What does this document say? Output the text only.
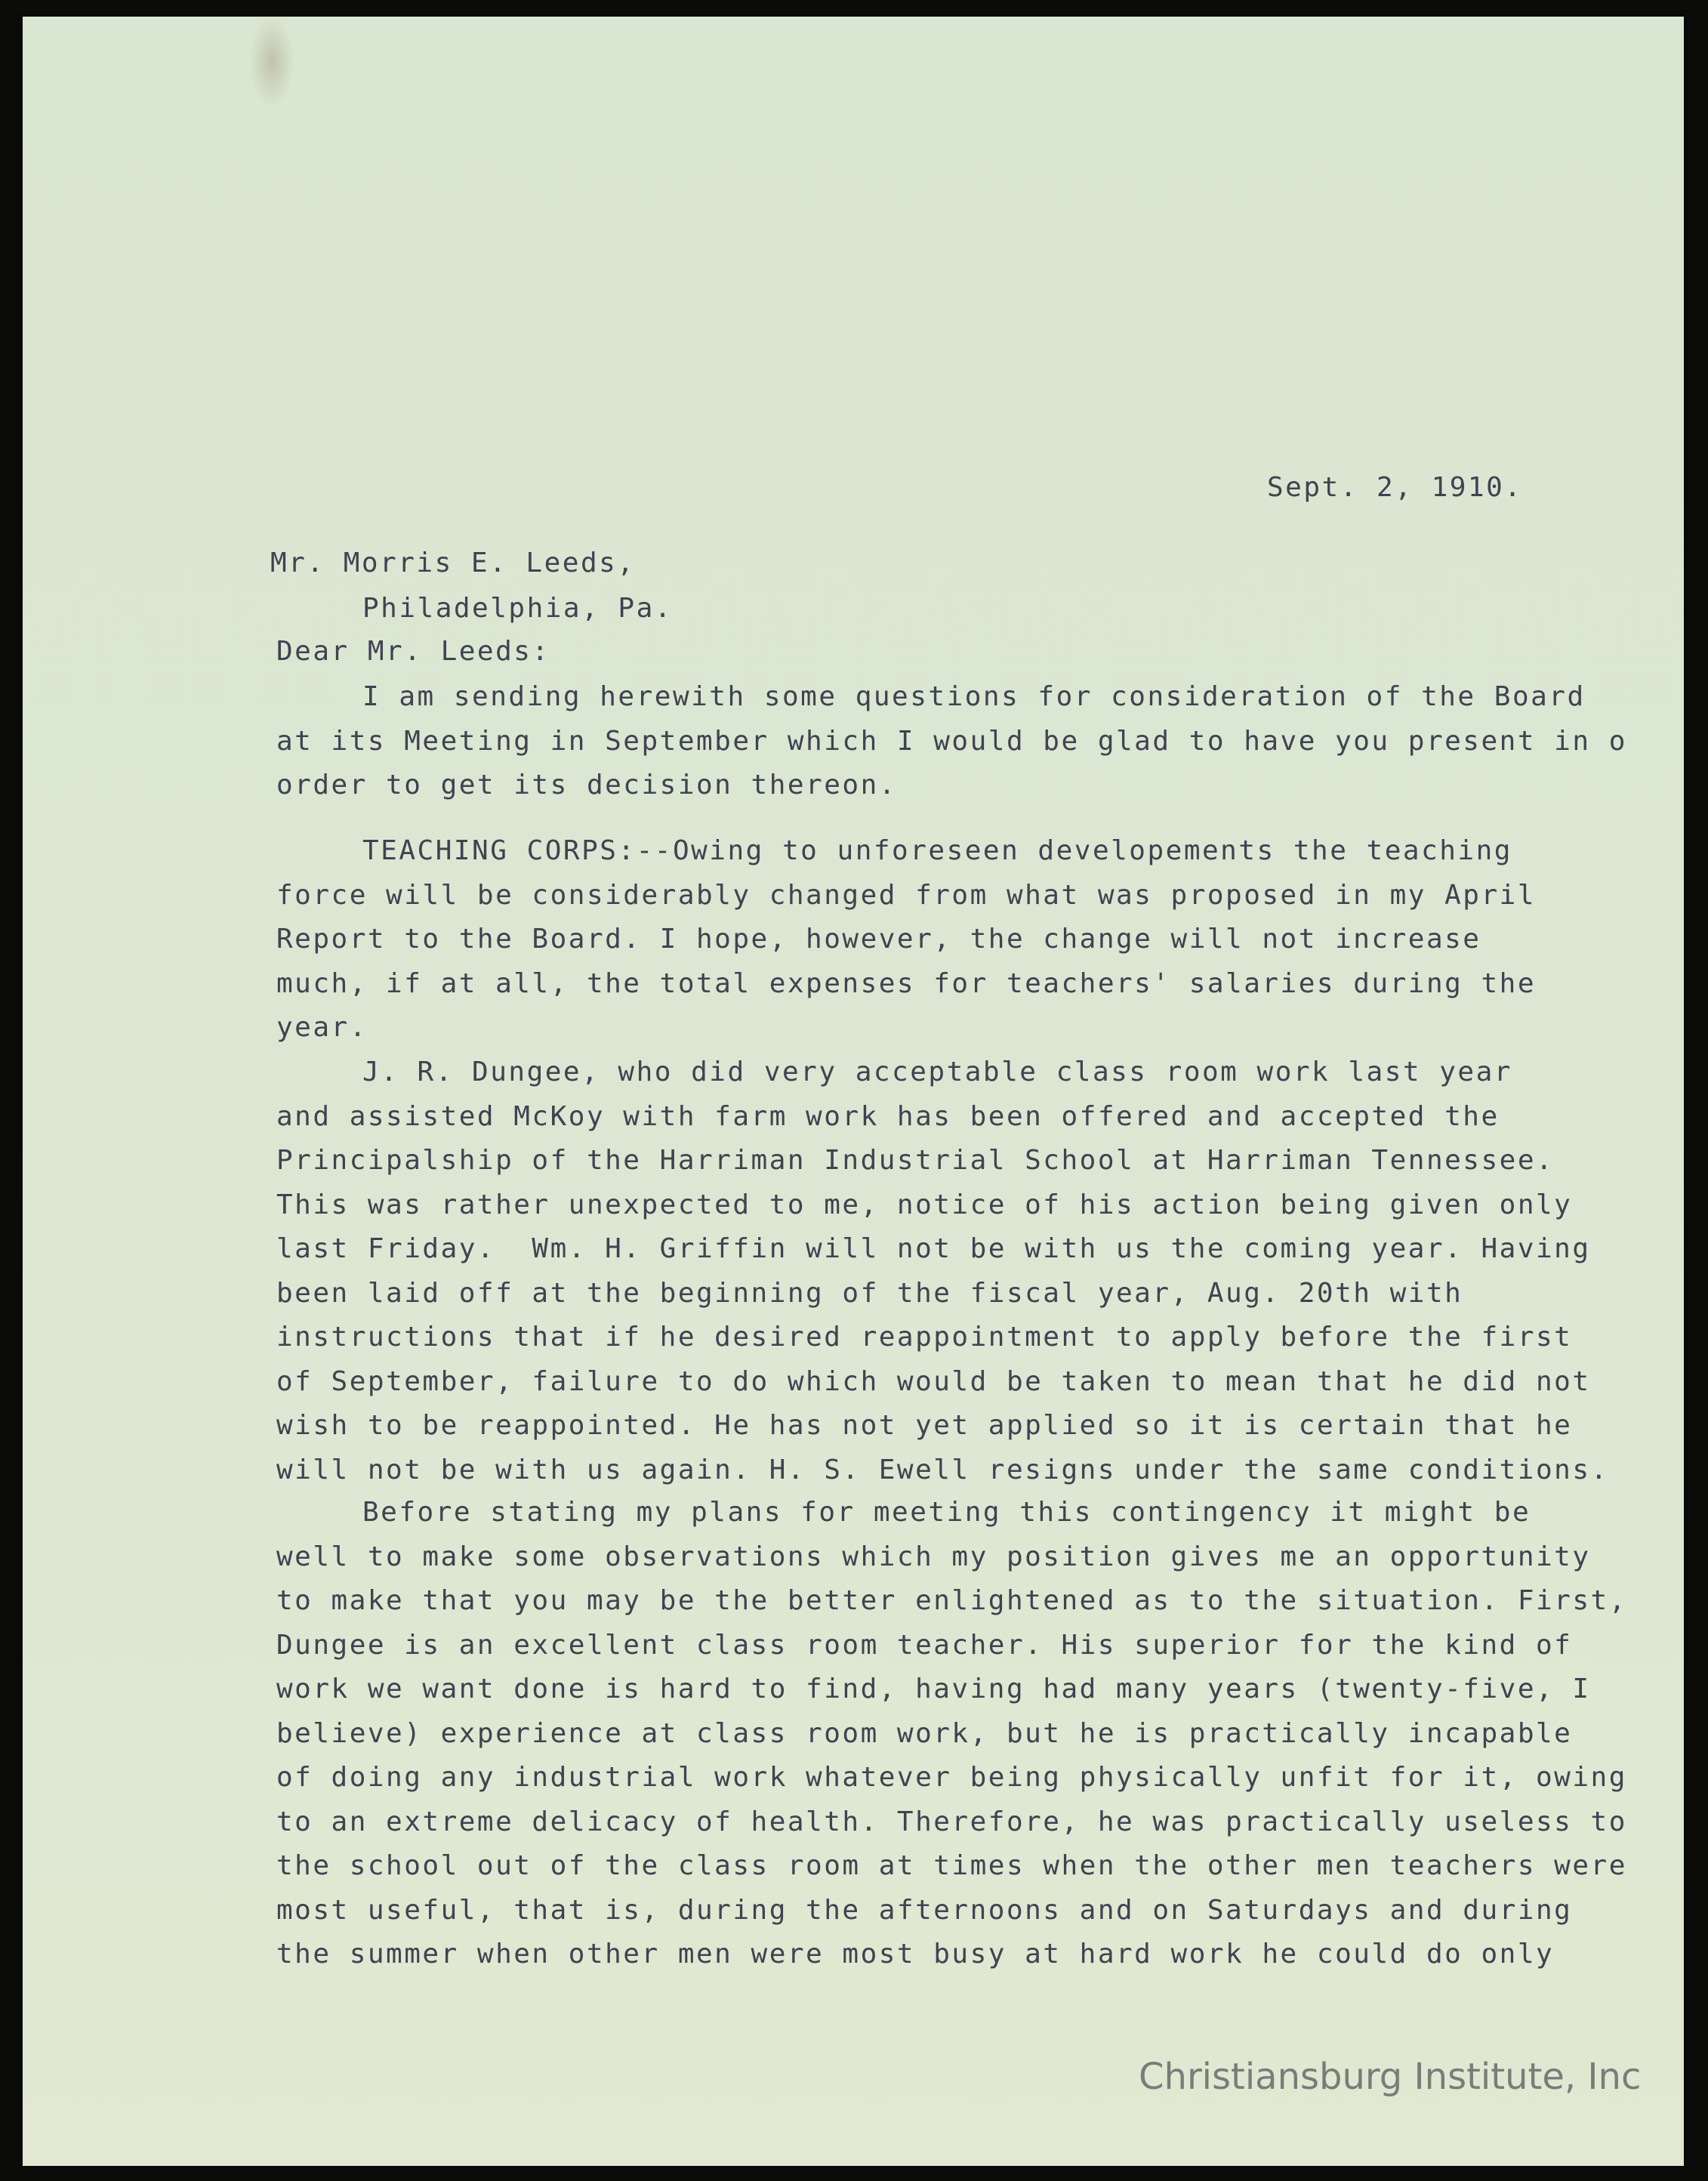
Sept. 2, 1910.
Mr. Morris E. Leeds,
Philadelphia, Pa.
Dear Mr. Leeds:
I am sending herewith some questions for consideration of the Board
at its Meeting in September which I would be glad to have you present in o
order to get its decision thereon.
TEACHING CORPS:--Owing to unforeseen developements the teaching
force will be considerably changed from what was proposed in my April
Report to the Board. I hope, however, the change will not increase
much, if at all, the total expenses for teachers' salaries during the
year.
J. R. Dungee, who did very acceptable class room work last year
and assisted McKoy with farm work has been offered and accepted the
Principalship of the Harriman Industrial School at Harriman Tennessee.
This was rather unexpected to me, notice of his action being given only
last Friday.  Wm. H. Griffin will not be with us the coming year. Having
been laid off at the beginning of the fiscal year, Aug. 20th with
instructions that if he desired reappointment to apply before the first
of September, failure to do which would be taken to mean that he did not
wish to be reappointed. He has not yet applied so it is certain that he
will not be with us again. H. S. Ewell resigns under the same conditions.
Before stating my plans for meeting this contingency it might be
well to make some observations which my position gives me an opportunity
to make that you may be the better enlightened as to the situation. First,
Dungee is an excellent class room teacher. His superior for the kind of
work we want done is hard to find, having had many years (twenty-five, I
believe) experience at class room work, but he is practically incapable
of doing any industrial work whatever being physically unfit for it, owing
to an extreme delicacy of health. Therefore, he was practically useless to
the school out of the class room at times when the other men teachers were
most useful, that is, during the afternoons and on Saturdays and during
the summer when other men were most busy at hard work he could do only
Christiansburg Institute, Inc
